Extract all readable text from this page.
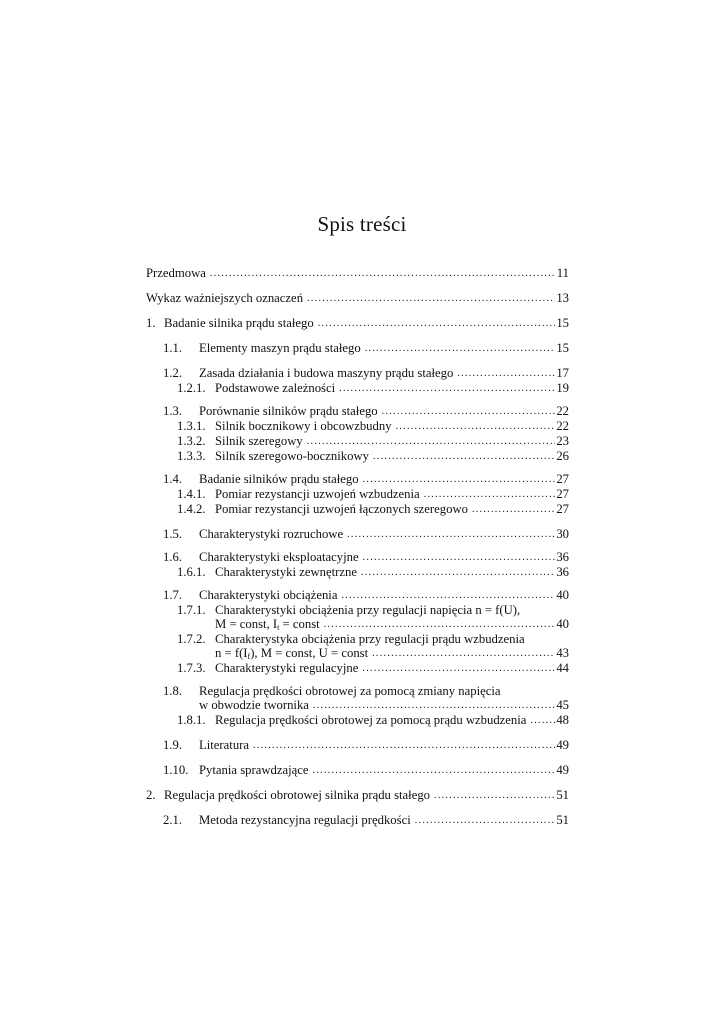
Spis treści
Przedmowa .....	11
Wykaz ważniejszych oznaczeń .....	13
1. Badanie silnika prądu stałego .....	15
1.1.	Elementy maszyn prądu stałego .....	15
1.2.	Zasada działania i budowa maszyny prądu stałego .....	17
1.2.1. Podstawowe zależności .....	19
1.3.	Porównanie silników prądu stałego .....	22
1.3.1. Silnik bocznikowy i obcowzbudny .....	22
1.3.2. Silnik szeregowy .....	23
1.3.3. Silnik szeregowo-bocznikowy .....	26
1.4.	Badanie silników prądu stałego .....	27
1.4.1. Pomiar rezystancji uzwojeń wzbudzenia .....	27
1.4.2. Pomiar rezystancji uzwojeń łączonych szeregowo .....	27
1.5.	Charakterystyki rozruchowe .....	30
1.6.	Charakterystyki eksploatacyjne .....	36
1.6.1. Charakterystyki zewnętrzne .....	36
1.7.	Charakterystyki obciążenia .....	40
1.7.1. Charakterystyki obciążenia przy regulacji napięcia n = f(U),
M = const, $I_t$ = const .....	40
1.7.2. Charakterystyka obciążenia przy regulacji prądu wzbudzenia
$n = f(I_f)$, M = const, U = const .....	43
1.7.3. Charakterystyki regulacyjne .....	44
1.8.	Regulacja prędkości obrotowej za pomocą zmiany napięcia
w obwodzie twornika .....	45
1.8.1. Regulacja prędkości obrotowej za pomocą prądu wzbudzenia ..... 48
1.9.	Literatura .....	49
1.10. Pytania sprawdzające .....	49
2. Regulacja prędkości obrotowej silnika prądu stałego .....	51
2.1.	Metoda rezystancyjna regulacji prędkości .....	51
